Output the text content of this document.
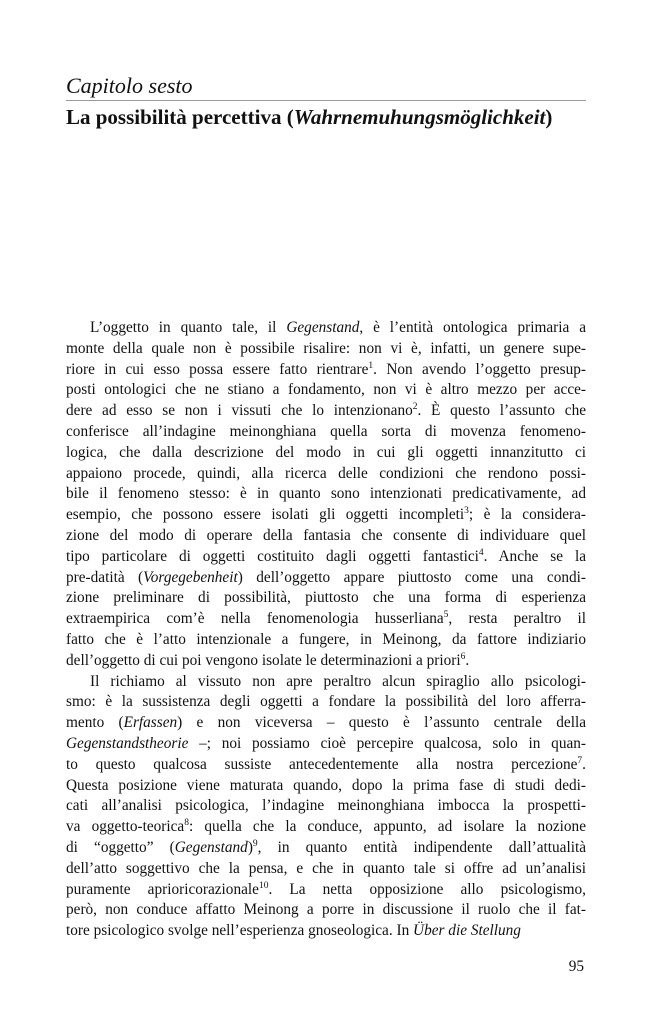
Capitolo sesto
La possibilità percettiva (Wahrnemuhungsmöglichkeit)
L’oggetto in quanto tale, il Gegenstand, è l’entità ontologica primaria a
monte della quale non è possibile risalire: non vi è, infatti, un genere supe-
riore in cui esso possa essere fatto rientrare$^1$. Non avendo l’oggetto presup-
posti ontologici che ne stiano a fondamento, non vi è altro mezzo per acce-
dere ad esso se non i vissuti che lo intenzionano$^2$. È questo l’assunto che
conferisce all’indagine meinonghiana quella sorta di movenza fenomeno-
logica, che dalla descrizione del modo in cui gli oggetti innanzitutto ci
appaiono procede, quindi, alla ricerca delle condizioni che rendono possi-
bile il fenomeno stesso: è in quanto sono intenzionati predicativamente, ad
esempio, che possono essere isolati gli oggetti incompleti$^3$; è la considera-
zione del modo di operare della fantasia che consente di individuare quel
tipo particolare di oggetti costituito dagli oggetti fantastici$^4$. Anche se la
pre-datità (Vorgegebenheit) dell’oggetto appare piuttosto come una condi-
zione preliminare di possibilità, piuttosto che una forma di esperienza
extraempirica com’è nella fenomenologia husserliana$^5$, resta peraltro il
fatto che è l’atto intenzionale a fungere, in Meinong, da fattore indiziario
dell’oggetto di cui poi vengono isolate le determinazioni a priori$^6$.
Il richiamo al vissuto non apre peraltro alcun spiraglio allo psicologi-
smo: è la sussistenza degli oggetti a fondare la possibilità del loro afferra-
mento (Erfassen) e non viceversa – questo è l’assunto centrale della
Gegenstandstheorie –; noi possiamo cioè percepire qualcosa, solo in quan-
to questo qualcosa sussiste antecedentemente alla nostra percezione$^7$.
Questa posizione viene maturata quando, dopo la prima fase di studi dedi-
cati all’analisi psicologica, l’indagine meinonghiana imbocca la prospetti-
va oggetto-teorica$^8$: quella che la conduce, appunto, ad isolare la nozione
di “oggetto” (Gegenstand)$^9$, in quanto entità indipendente dall’attualità
dell’atto soggettivo che la pensa, e che in quanto tale si offre ad un’analisi
puramente aprioricorazionale$^{10}$. La netta opposizione allo psicologismo,
però, non conduce affatto Meinong a porre in discussione il ruolo che il fat-
tore psicologico svolge nell’esperienza gnoseologica. In Über die Stellung
95
